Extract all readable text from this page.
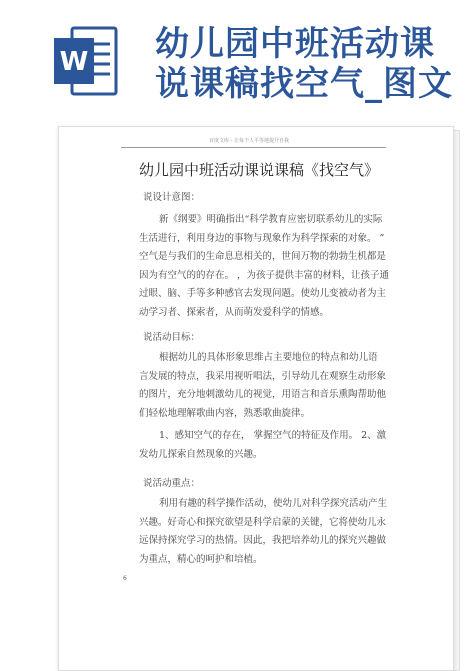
W 幼儿园中班活动课
说课稿找空气_图文
百度文库 - 让每个人平等地提升自我
幼儿园中班活动课说课稿《找空气》
说设计意图：
新《纲要》明确指出“科学教育应密切联系幼儿的实际
生活进行，利用身边的事物与现象作为科学探索的对象。 ”
空气是与我们的生命息息相关的，世间万物的勃勃生机都是
因为有空气的的存在。 ，为孩子提供丰富的材料，让孩子通
过眼、脑、手等多种感官去发现问题。使幼儿变被动者为主
动学习者、探索者，从而萌发爱科学的情感。
说活动目标：
根据幼儿的具体形象思维占主要地位的特点和幼儿语
言发展的特点，我采用视听唱法，引导幼儿在观察生动形象
的图片，充分地刺激幼儿的视觉，用语言和音乐熏陶帮助他
们轻松地理解歌曲内容，熟悉歌曲旋律。
1、感知空气的存在， 掌握空气的特征及作用。 2、激
发幼儿探索自然现象的兴趣。
说活动重点：
利用有趣的科学操作活动，使幼儿对科学探究活动产生
兴趣。好奇心和探究欲望是科学启蒙的关键，它将使幼儿永
远保持探究学习的热情。因此，我把培养幼儿的探究兴趣做
为重点，精心的呵护和培植。
6
